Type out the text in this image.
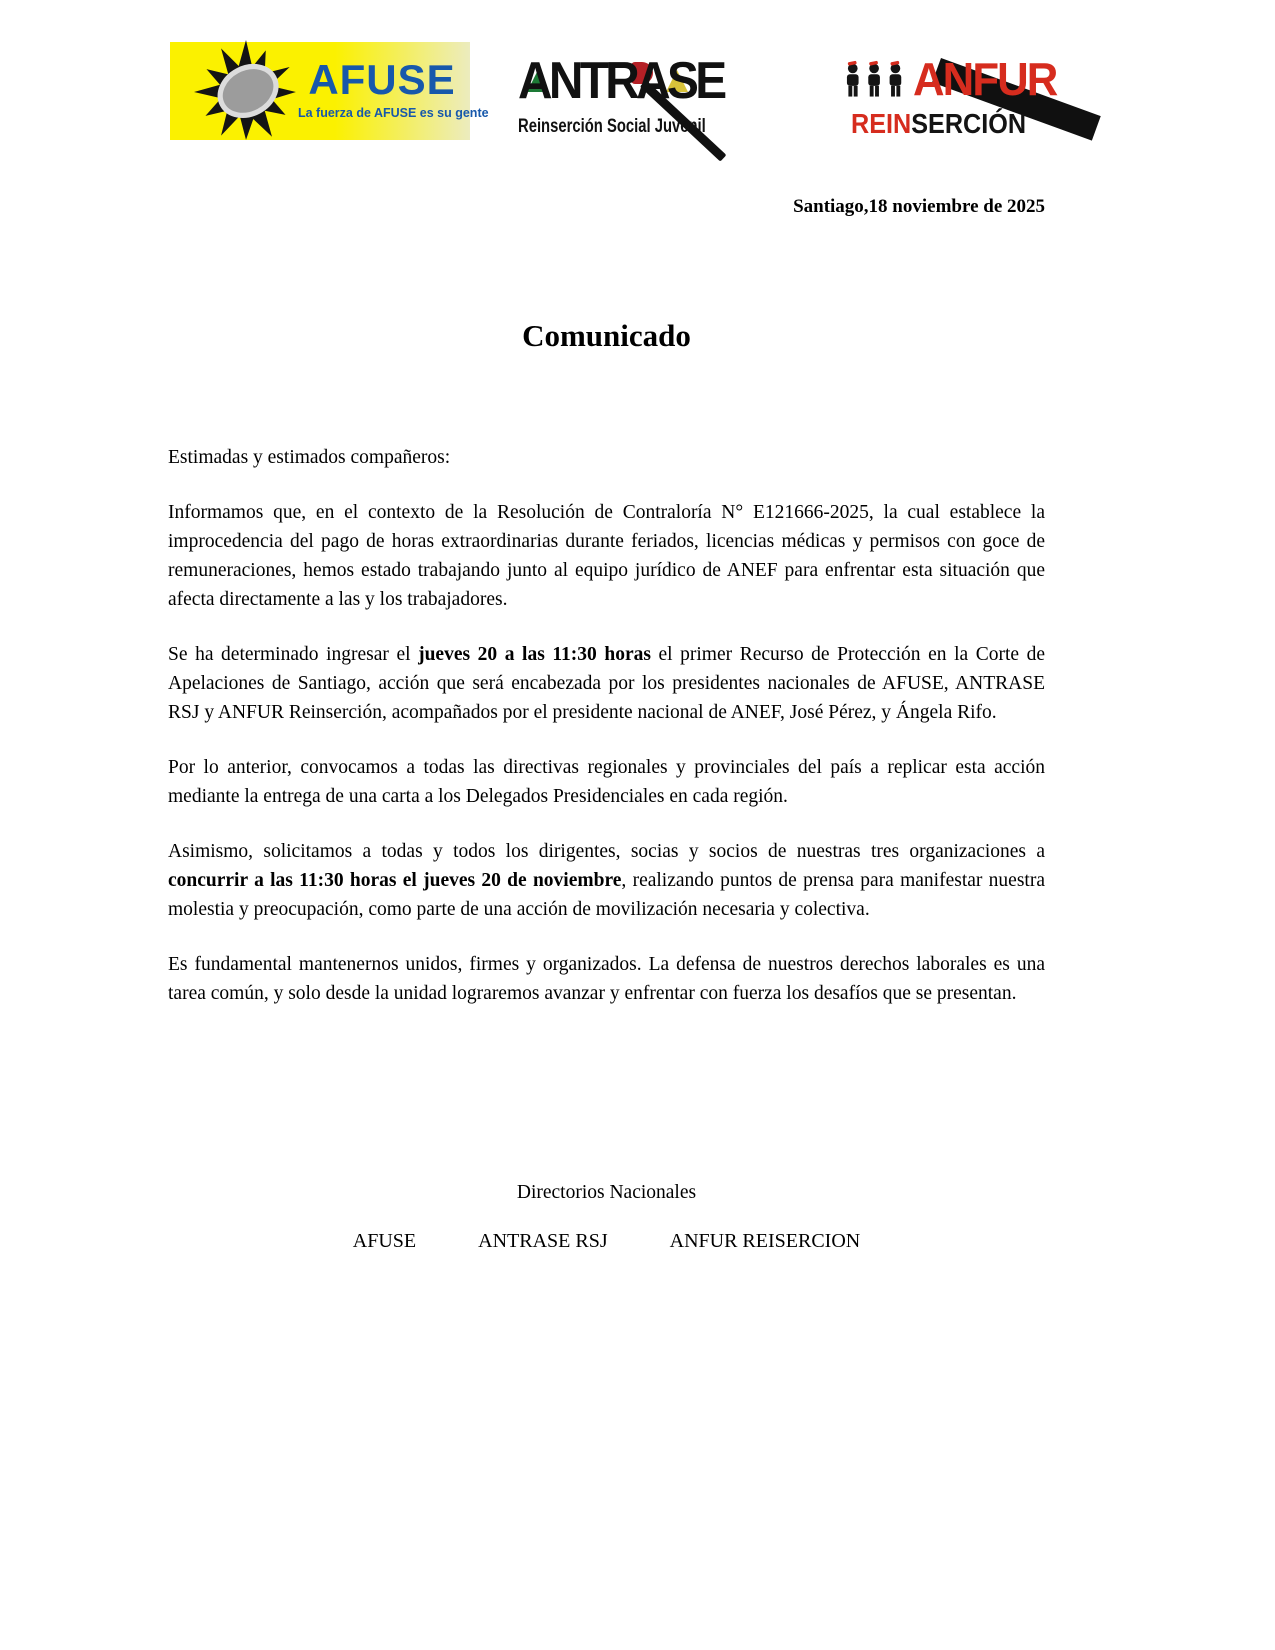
AFUSE
La fuerza de AFUSE es su gente
ANTRASE
Reinserción Social Juvenil
ANFUR
REINSERCIÓN
Santiago,18 noviembre de 2025
Comunicado

Estimadas y estimados compañeros:

Informamos que, en el contexto de la Resolución de Contraloría N° E121666-2025, la cual establece la improcedencia del pago de horas extraordinarias durante feriados, licencias médicas y permisos con goce de remuneraciones, hemos estado trabajando junto al equipo jurídico de ANEF para enfrentar esta situación que afecta directamente a las y los trabajadores.

Se ha determinado ingresar el jueves 20 a las 11:30 horas el primer Recurso de Protección en la Corte de Apelaciones de Santiago, acción que será encabezada por los presidentes nacionales de AFUSE, ANTRASE RSJ y ANFUR Reinserción, acompañados por el presidente nacional de ANEF, José Pérez, y Ángela Rifo.

Por lo anterior, convocamos a todas las directivas regionales y provinciales del país a replicar esta acción mediante la entrega de una carta a los Delegados Presidenciales en cada región.

Asimismo, solicitamos a todas y todos los dirigentes, socias y socios de nuestras tres organizaciones a concurrir a las 11:30 horas el jueves 20 de noviembre, realizando puntos de prensa para manifestar nuestra molestia y preocupación, como parte de una acción de movilización necesaria y colectiva.

Es fundamental mantenernos unidos, firmes y organizados. La defensa de nuestros derechos laborales es una tarea común, y solo desde la unidad lograremos avanzar y enfrentar con fuerza los desafíos que se presentan.

Directorios Nacionales
AFUSE	ANTRASE RSJ	ANFUR REISERCION
